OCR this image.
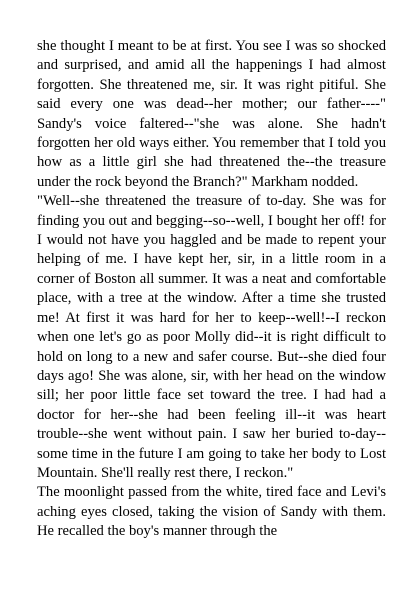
she thought I meant to be at first. You see I was so shocked and surprised, and amid all the happenings I had almost forgotten. She threatened me, sir. It was right pitiful. She said every one was dead--her mother; our father----" Sandy's voice faltered--"she was alone. She hadn't forgotten her old ways either. You remember that I told you how as a little girl she had threatened the--the treasure under the rock beyond the Branch?" Markham nodded.

"Well--she threatened the treasure of to-day. She was for finding you out and begging--so--well, I bought her off! for I would not have you haggled and be made to repent your helping of me. I have kept her, sir, in a little room in a corner of Boston all summer. It was a neat and comfortable place, with a tree at the window. After a time she trusted me! At first it was hard for her to keep--well!--I reckon when one let's go as poor Molly did--it is right difficult to hold on long to a new and safer course. But--she died four days ago! She was alone, sir, with her head on the window sill; her poor little face set toward the tree. I had had a doctor for her--she had been feeling ill--it was heart trouble--she went without pain. I saw her buried to-day--some time in the future I am going to take her body to Lost Mountain. She'll really rest there, I reckon."

The moonlight passed from the white, tired face and Levi's aching eyes closed, taking the vision of Sandy with them. He recalled the boy's manner through the
